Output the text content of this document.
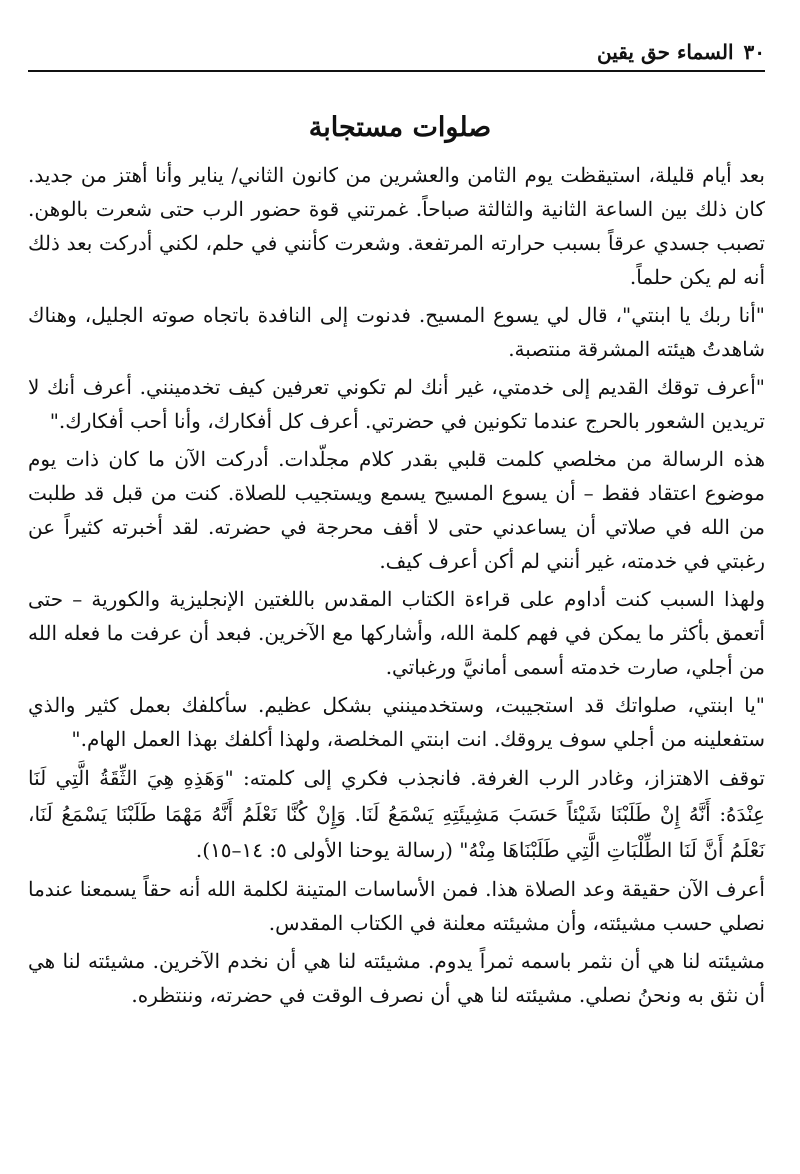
٣٠
السماء حق يقين
صلوات مستجابة

بعد أيام قليلة، استيقظت يوم الثامن والعشرين من كانون الثاني/ يناير وأنا أهتز من جديد. كان ذلك بين الساعة الثانية والثالثة صباحاً. غمرتني قوة حضور الرب حتى شعرت بالوهن. تصبب جسدي عرقاً بسبب حرارته المرتفعة. وشعرت كأنني في حلم، لكني أدركت بعد ذلك أنه لم يكن حلماً.

"أنا ربك يا ابنتي"، قال لي يسوع المسيح. فدنوت إلى النافدة باتجاه صوته الجليل، وهناك شاهدتُ هيئته المشرقة منتصبة.

"أعرف توقك القديم إلى خدمتي، غير أنك لم تكوني تعرفين كيف تخدمينني. أعرف أنك لا تريدين الشعور بالحرج عندما تكونين في حضرتي. أعرف كل أفكارك، وأنا أحب أفكارك."

هذه الرسالة من مخلصي كلمت قلبي بقدر كلام مجلّدات. أدركت الآن ما كان ذات يوم موضوع اعتقاد فقط – أن يسوع المسيح يسمع ويستجيب للصلاة. كنت من قبل قد طلبت من الله في صلاتي أن يساعدني حتى لا أقف محرجة في حضرته. لقد أخبرته كثيراً عن رغبتي في خدمته، غير أنني لم أكن أعرف كيف.

ولهذا السبب كنت أداوم على قراءة الكتاب المقدس باللغتين الإنجليزية والكورية – حتى أتعمق بأكثر ما يمكن في فهم كلمة الله، وأشاركها مع الآخرين. فبعد أن عرفت ما فعله الله من أجلي، صارت خدمته أسمى أمانيَّ ورغباتي.

"يا ابنتي، صلواتك قد استجيبت، وستخدمينني بشكل عظيم. سأكلفك بعمل كثير والذي ستفعلينه من أجلي سوف يروقك. انت ابنتي المخلصة، ولهذا أكلفك بهذا العمل الهام."

توقف الاهتزاز، وغادر الرب الغرفة. فانجذب فكري إلى كلمته: "وَهَذِهِ هِيَ الثِّقَةُ الَّتِي لَنَا عِنْدَهُ: أَنَّهُ إِنْ طَلَبْنَا شَيْئاً حَسَبَ مَشِيئَتِهِ يَسْمَعُ لَنَا. وَإِنْ كُنَّا نَعْلَمُ أَنَّهُ مَهْمَا طَلَبْنَا يَسْمَعُ لَنَا، نَعْلَمُ أَنَّ لَنَا الطِّلْبَاتِ الَّتِي طَلَبْنَاهَا مِنْهُ" (رسالة يوحنا الأولى ٥: ١٤–١٥).

أعرف الآن حقيقة وعد الصلاة هذا. فمن الأساسات المتينة لكلمة الله أنه حقاً يسمعنا عندما نصلي حسب مشيئته، وأن مشيئته معلنة في الكتاب المقدس.

مشيئته لنا هي أن نثمر باسمه ثمراً يدوم. مشيئته لنا هي أن نخدم الآخرين. مشيئته لنا هي أن نثق به ونحنُ نصلي. مشيئته لنا هي أن نصرف الوقت في حضرته، وننتظره.
